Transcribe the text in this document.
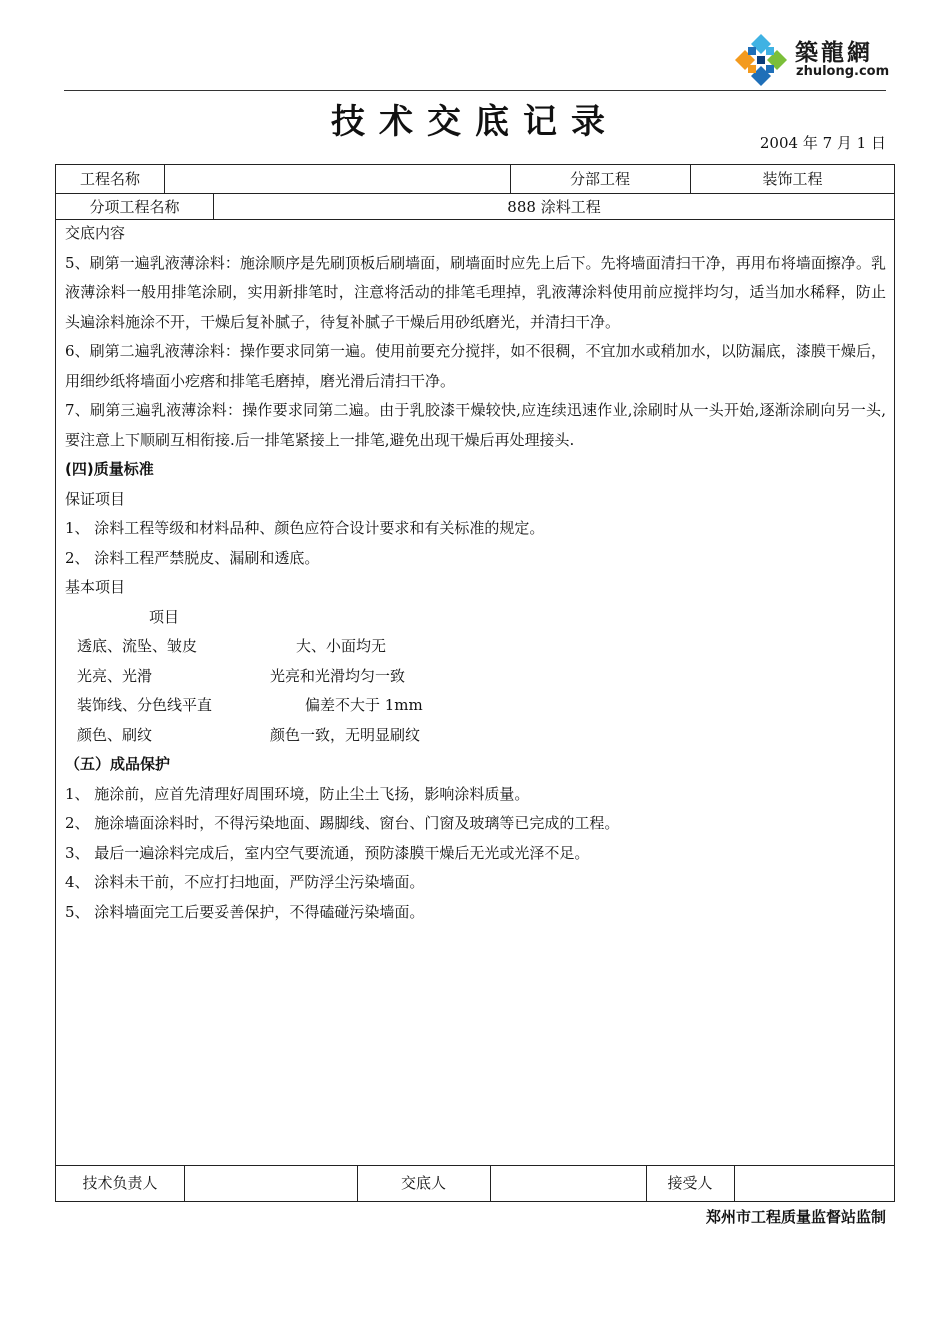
築龍網
zhulong.com
技术交底记录
2004 年 7 月 1 日
工程名称	分部工程	装饰工程
分项工程名称	888 涂料工程
交底内容
5、刷第一遍乳液薄涂料：施涂顺序是先刷顶板后刷墙面，刷墙面时应先上后下。先将墙面清扫干净，再用布将墙面擦净。乳液薄涂料一般用排笔涂刷，实用新排笔时，注意将活动的排笔毛理掉，乳液薄涂料使用前应搅拌均匀，适当加水稀释，防止头遍涂料施涂不开，干燥后复补腻子，待复补腻子干燥后用砂纸磨光，并清扫干净。
6、刷第二遍乳液薄涂料：操作要求同第一遍。使用前要充分搅拌，如不很稠，不宜加水或稍加水，以防漏底，漆膜干燥后，用细纱纸将墙面小疙瘩和排笔毛磨掉，磨光滑后清扫干净。
7、刷第三遍乳液薄涂料：操作要求同第二遍。由于乳胶漆干燥较快,应连续迅速作业,涂刷时从一头开始,逐渐涂刷向另一头,要注意上下顺刷互相衔接.后一排笔紧接上一排笔,避免出现干燥后再处理接头.
(四)质量标准
保证项目
1、 涂料工程等级和材料品种、颜色应符合设计要求和有关标准的规定。
2、 涂料工程严禁脱皮、漏刷和透底。
基本项目
项目
透底、流坠、皱皮	大、小面均无
光亮、光滑	光亮和光滑均匀一致
装饰线、分色线平直	偏差不大于 1mm
颜色、刷纹	颜色一致，无明显刷纹
（五）成品保护
1、 施涂前，应首先清理好周围环境，防止尘土飞扬，影响涂料质量。
2、 施涂墙面涂料时，不得污染地面、踢脚线、窗台、门窗及玻璃等已完成的工程。
3、 最后一遍涂料完成后，室内空气要流通，预防漆膜干燥后无光或光泽不足。
4、 涂料未干前，不应打扫地面，严防浮尘污染墙面。
5、 涂料墙面完工后要妥善保护，不得磕碰污染墙面。
技术负责人	交底人	接受人
郑州市工程质量监督站监制
